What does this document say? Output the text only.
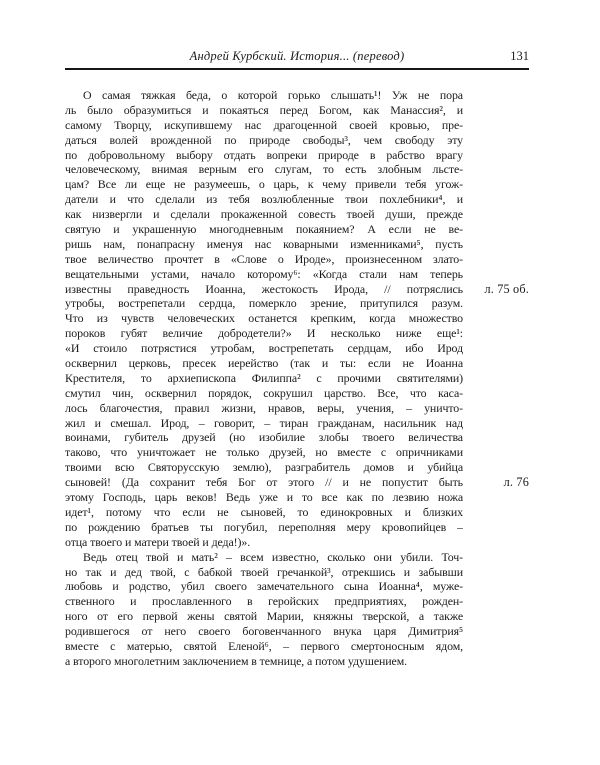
Андрей Курбский. История... (перевод)	131
О самая тяжкая беда, о которой горько слышать¹! Уж не пора
ль было образумиться и покаяться перед Богом, как Манассия², и
самому Творцу, искупившему нас драгоценной своей кровью, пре-
даться волей врожденной по природе свободы³, чем свободу эту
по добровольному выбору отдать вопреки природе в рабство врагу
человеческому, внимая верным его слугам, то есть злобным льсте-
цам? Все ли еще не разумеешь, о царь, к чему привели тебя угож-
датели и что сделали из тебя возлюбленные твои похлебники⁴, и
как низвергли и сделали прокаженной совесть твоей души, прежде
святую и украшенную многодневным покаянием? А если не ве-
ришь нам, понапрасну именуя нас коварными изменниками⁵, пусть
твое величество прочтет в «Слове о Ироде», произнесенном злато-
вещательными устами, начало которому⁶: «Когда стали нам теперь
известны праведность Иоанна, жестокость Ирода, // потряслись
утробы, вострепетали сердца, померкло зрение, притупился разум.
Что из чувств человеческих останется крепким, когда множество
пороков губят величие добродетели?» И несколько ниже еще¹:
«И стоило потрястися утробам, вострепетать сердцам, ибо Ирод
осквернил церковь, пресек иерейство (так и ты: если не Иоанна
Крестителя, то архиепископа Филиппа² с прочими святителями)
смутил чин, осквернил порядок, сокрушил царство. Все, что каса-
лось благочестия, правил жизни, нравов, веры, учения, – уничто-
жил и смешал. Ирод, – говорит, – тиран гражданам, насильник над
воинами, губитель друзей (но изобилие злобы твоего величества
таково, что уничтожает не только друзей, но вместе с опричниками
твоими всю Святорусскую землю), разграбитель домов и убийца
сыновей! (Да сохранит тебя Бог от этого // и не попустит быть
этому Господь, царь веков! Ведь уже и то все как по лезвию ножа
идет¹, потому что если не сыновей, то единокровных и близких
по рождению братьев ты погубил, переполняя меру кровопийцев –
отца твоего и матери твоей и деда!)».
Ведь отец твой и мать² – всем известно, сколько они убили. Точ-
но так и дед твой, с бабкой твоей гречанкой³, отрекшись и забывши
любовь и родство, убил своего замечательного сына Иоанна⁴, муже-
ственного и прославленного в геройских предприятиях, рожден-
ного от его первой жены святой Марии, княжны тверской, а также
родившегося от него своего боговенчанного внука царя Димитрия⁵
вместе с матерью, святой Еленой⁶, – первого смертоносным ядом,
а второго многолетним заключением в темнице, а потом удушением.
л. 75 об.
л. 76
